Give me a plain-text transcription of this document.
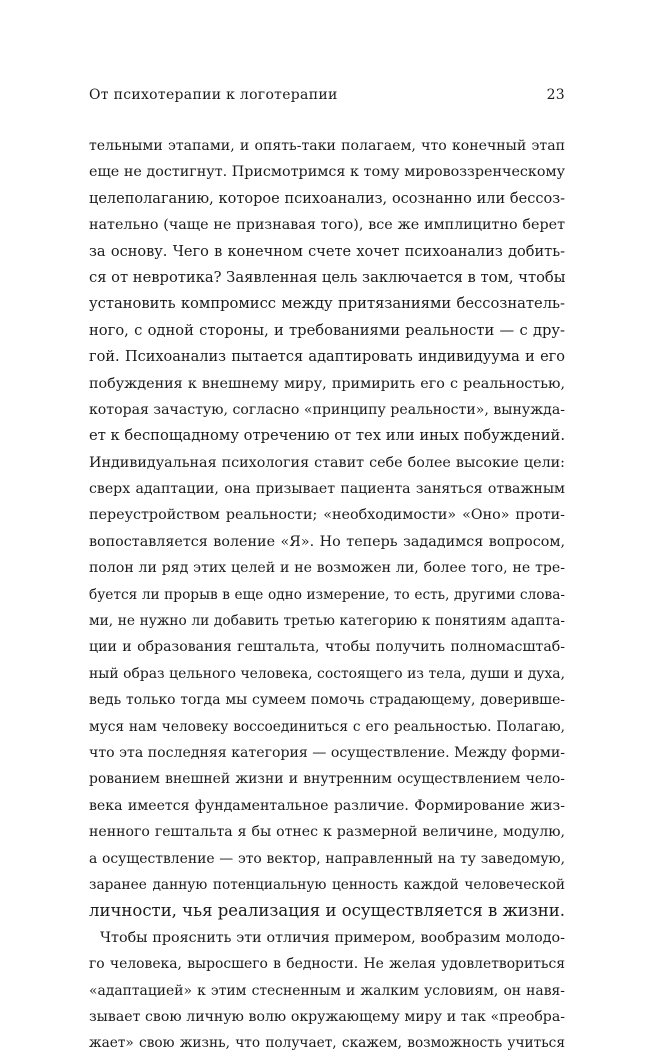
От психотерапии к логотерапии	23
тельными этапами, и опять-таки полагаем, что конечный этап
еще не достигнут. Присмотримся к тому мировоззренческому
целеполаганию, которое психоанализ, осознанно или бессоз-
нательно (чаще не признавая того), все же имплицитно берет
за основу. Чего в конечном счете хочет психоанализ добить-
ся от невротика? Заявленная цель заключается в том, чтобы
установить компромисс между притязаниями бессознатель-
ного, с одной стороны, и требованиями реальности — с дру-
гой. Психоанализ пытается адаптировать индивидуума и его
побуждения к внешнему миру, примирить его с реальностью,
которая зачастую, согласно «принципу реальности», вынужда-
ет к беспощадному отречению от тех или иных побуждений.
Индивидуальная психология ставит себе более высокие цели:
сверх адаптации, она призывает пациента заняться отважным
переустройством реальности; «необходимости» «Оно» проти-
вопоставляется воление «Я». Но теперь зададимся вопросом,
полон ли ряд этих целей и не возможен ли, более того, не тре-
буется ли прорыв в еще одно измерение, то есть, другими слова-
ми, не нужно ли добавить третью категорию к понятиям адапта-
ции и образования гештальта, чтобы получить полномасштаб-
ный образ цельного человека, состоящего из тела, души и духа,
ведь только тогда мы сумеем помочь страдающему, доверивше-
муся нам человеку воссоединиться с его реальностью. Полагаю,
что эта последняя категория — осуществление. Между форми-
рованием внешней жизни и внутренним осуществлением чело-
века имеется фундаментальное различие. Формирование жиз-
ненного гештальта я бы отнес к размерной величине, модулю,
а осуществление — это вектор, направленный на ту заведомую,
заранее данную потенциальную ценность каждой человеческой
личности, чья реализация и осуществляется в жизни.
Чтобы прояснить эти отличия примером, вообразим молодо-
го человека, выросшего в бедности. Не желая удовлетвориться
«адаптацией» к этим стесненным и жалким условиям, он навя-
зывает свою личную волю окружающему миру и так «преобра-
жает» свою жизнь, что получает, скажем, возможность учиться
